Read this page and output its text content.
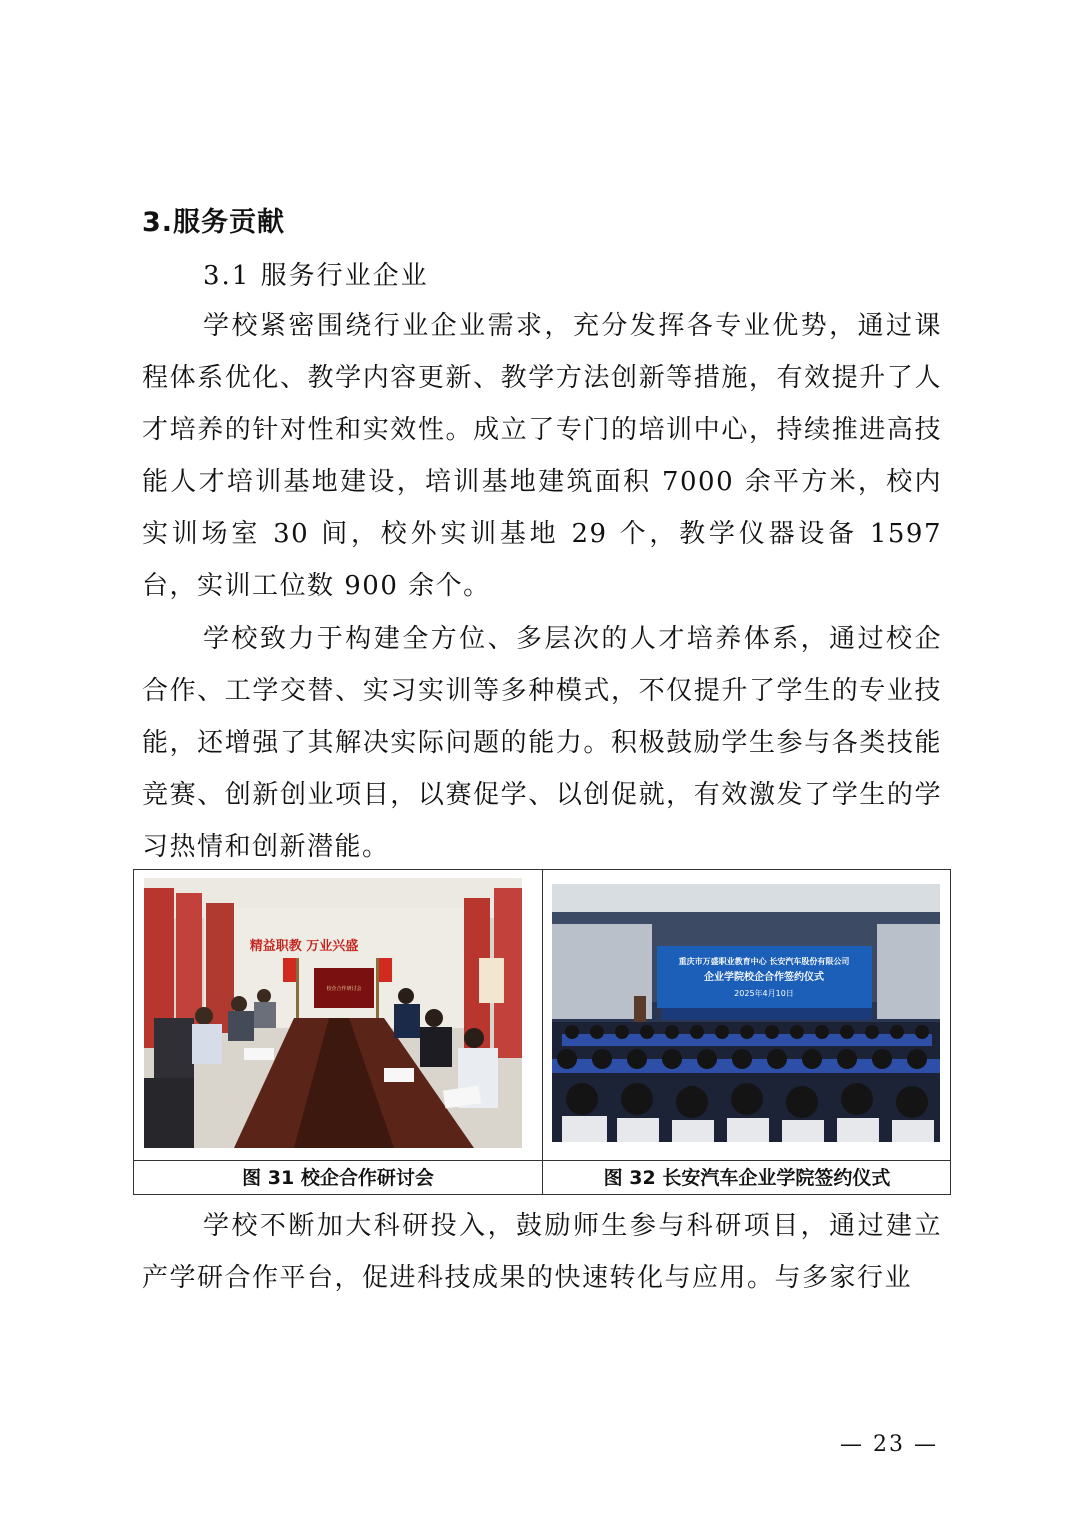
3.服务贡献
3.1 服务行业企业

学校紧密围绕行业企业需求，充分发挥各专业优势，通过课程体系优化、教学内容更新、教学方法创新等措施，有效提升了人才培养的针对性和实效性。成立了专门的培训中心，持续推进高技能人才培训基地建设，培训基地建筑面积 7000 余平方米，校内实训场室 30 间，校外实训基地 29 个，教学仪器设备 1597 台，实训工位数 900 余个。

学校致力于构建全方位、多层次的人才培养体系，通过校企合作、工学交替、实习实训等多种模式，不仅提升了学生的专业技能，还增强了其解决实际问题的能力。积极鼓励学生参与各类技能竞赛、创新创业项目，以赛促学、以创促就，有效激发了学生的学习热情和创新潜能。

精益职教 万业兴盛
校企合作研讨会
重庆市万盛职业教育中心 长安汽车股份有限公司
企业学院校企合作签约仪式
2025年4月10日
图 31 校企合作研讨会	图 32 长安汽车企业学院签约仪式

学校不断加大科研投入，鼓励师生参与科研项目，通过建立产学研合作平台，促进科技成果的快速转化与应用。与多家行业

— 23 —
